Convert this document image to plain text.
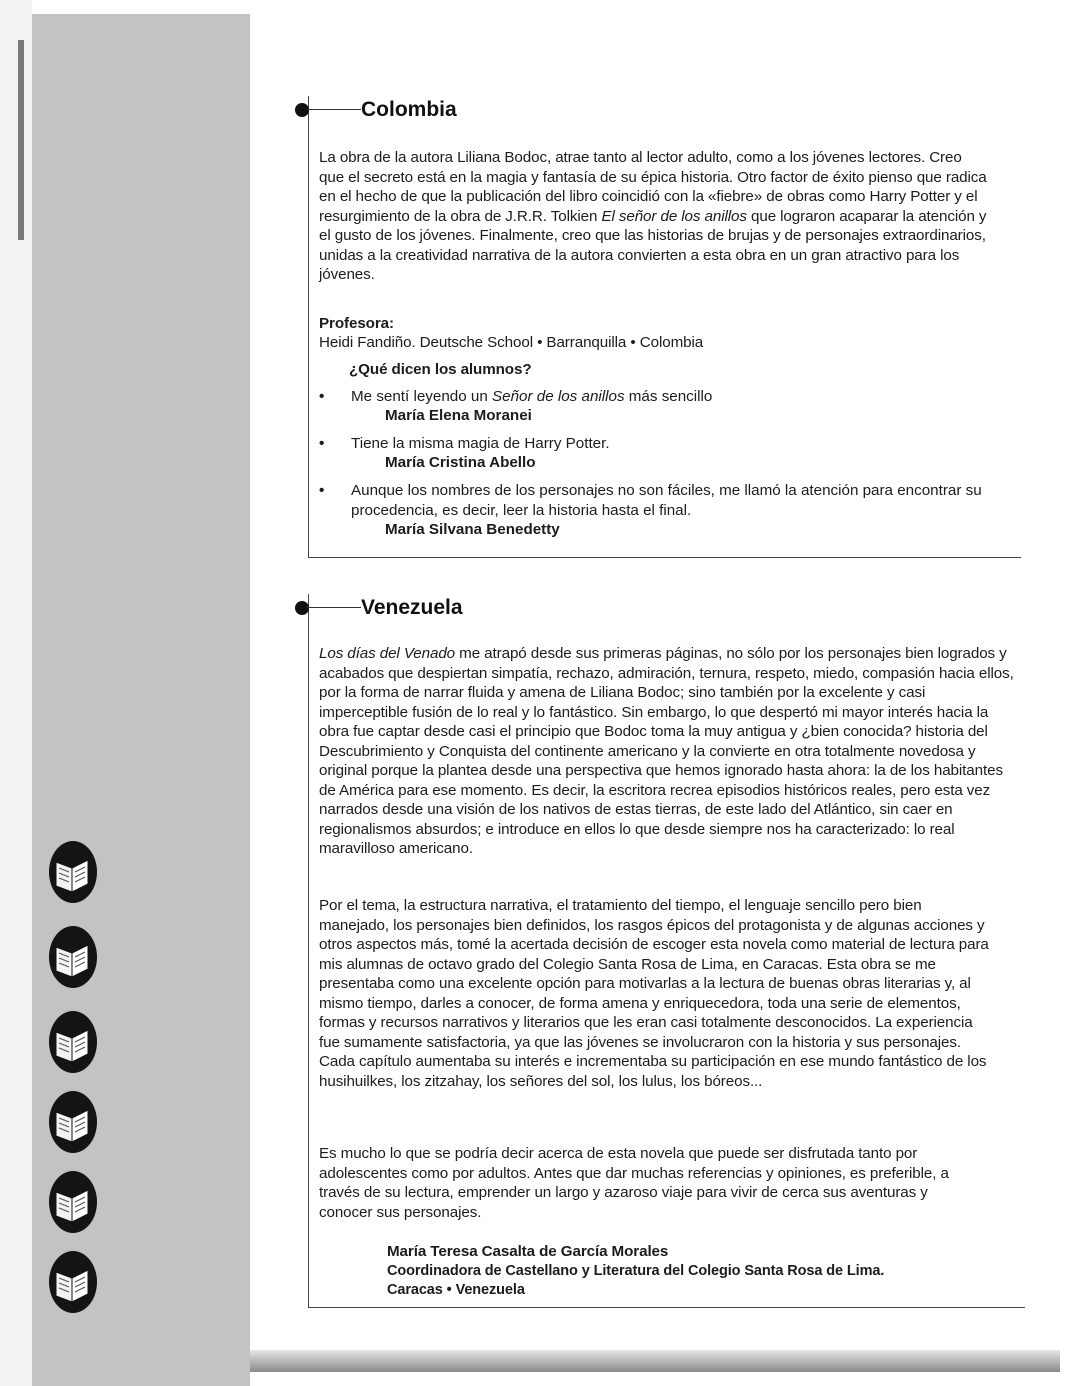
Colombia

La obra de la autora Liliana Bodoc, atrae tanto al lector adulto, como a los jóvenes lectores. Creo que el secreto está en la magia y fantasía de su épica historia. Otro factor de éxito pienso que radica en el hecho de que la publicación del libro coincidió con la «fiebre» de obras como Harry Potter y el resurgimiento de la obra de J.R.R. Tolkien El señor de los anillos que lograron acaparar la atención y el gusto de los jóvenes. Finalmente, creo que las historias de brujas y de personajes extraordinarios, unidas a la creatividad narrativa de la autora convierten a esta obra en un gran atractivo para los jóvenes.

Profesora:
Heidi Fandiño. Deutsche School • Barranquilla • Colombia
¿Qué dicen los alumnos?
• Me sentí leyendo un Señor de los anillos más sencillo
María Elena Moranei
• Tiene la misma magia de Harry Potter.
María Cristina Abello
• Aunque los nombres de los personajes no son fáciles, me llamó la atención para encontrar su procedencia, es decir, leer la historia hasta el final.
María Silvana Benedetty
Venezuela

Los días del Venado me atrapó desde sus primeras páginas, no sólo por los personajes bien logrados y acabados que despiertan simpatía, rechazo, admiración, ternura, respeto, miedo, compasión hacia ellos, por la forma de narrar fluida y amena de Liliana Bodoc; sino también por la excelente y casi imperceptible fusión de lo real y lo fantástico. Sin embargo, lo que despertó mi mayor interés hacia la obra fue captar desde casi el principio que Bodoc toma la muy antigua y ¿bien conocida? historia del Descubrimiento y Conquista del continente americano y la convierte en otra totalmente novedosa y original porque la plantea desde una perspectiva que hemos ignorado hasta ahora: la de los habitantes de América para ese momento. Es decir, la escritora recrea episodios históricos reales, pero esta vez narrados desde una visión de los nativos de estas tierras, de este lado del Atlántico, sin caer en regionalismos absurdos; e introduce en ellos lo que desde siempre nos ha caracterizado: lo real maravilloso americano.

Por el tema, la estructura narrativa, el tratamiento del tiempo, el lenguaje sencillo pero bien manejado, los personajes bien definidos, los rasgos épicos del protagonista y de algunas acciones y otros aspectos más, tomé la acertada decisión de escoger esta novela como material de lectura para mis alumnas de octavo grado del Colegio Santa Rosa de Lima, en Caracas. Esta obra se me presentaba como una excelente opción para motivarlas a la lectura de buenas obras literarias y, al mismo tiempo, darles a conocer, de forma amena y enriquecedora, toda una serie de elementos, formas y recursos narrativos y literarios que les eran casi totalmente desconocidos. La experiencia fue sumamente satisfactoria, ya que las jóvenes se involucraron con la historia y sus personajes. Cada capítulo aumentaba su interés e incrementaba su participación en ese mundo fantástico de los husihuilkes, los zitzahay, los señores del sol, los lulus, los bóreos...

Es mucho lo que se podría decir acerca de esta novela que puede ser disfrutada tanto por adolescentes como por adultos. Antes que dar muchas referencias y opiniones, es preferible, a través de su lectura, emprender un largo y azaroso viaje para vivir de cerca sus aventuras y conocer sus personajes.

María Teresa Casalta de García Morales
Coordinadora de Castellano y Literatura del Colegio Santa Rosa de Lima.
Caracas • Venezuela
